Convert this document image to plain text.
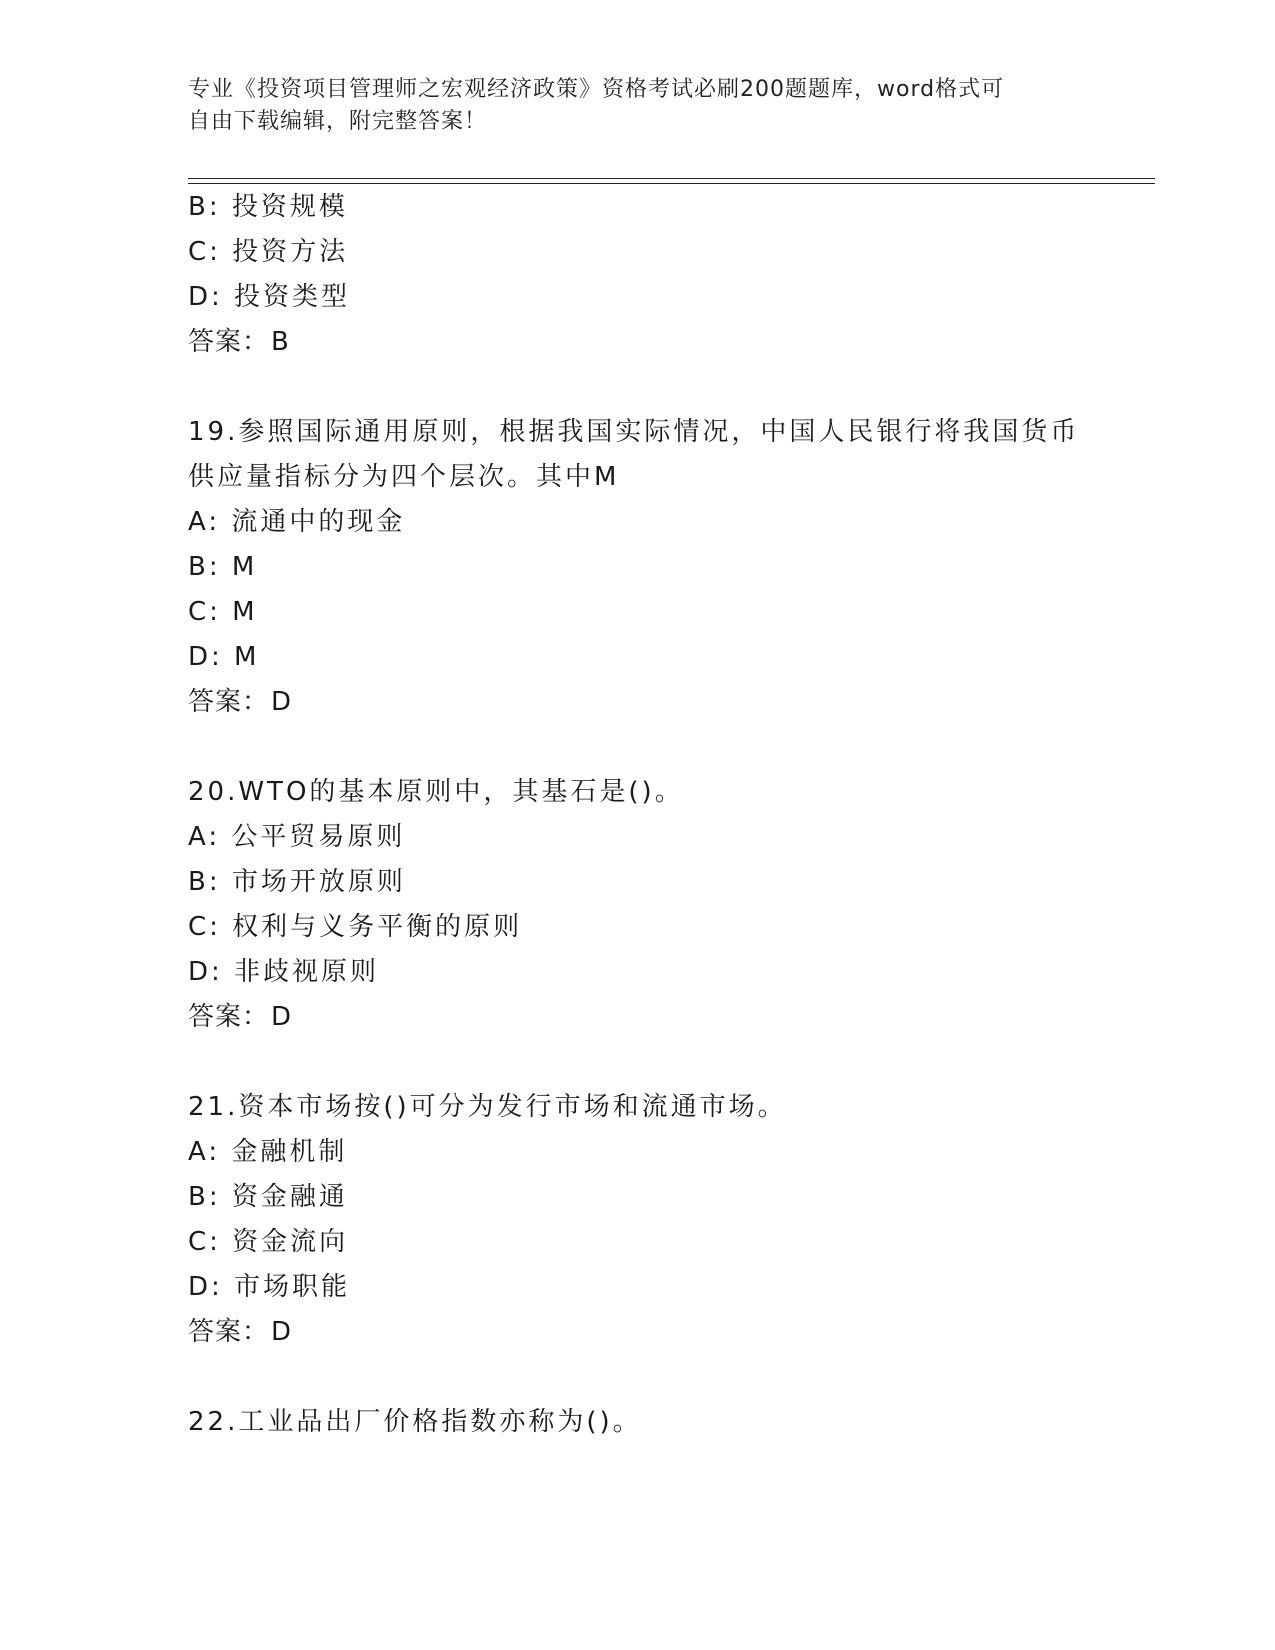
专业《投资项目管理师之宏观经济政策》资格考试必刷200题题库，word格式可
自由下载编辑，附完整答案！
B: 投资规模
C: 投资方法
D: 投资类型
答案：B
19.参照国际通用原则，根据我国实际情况，中国人民银行将我国货币
供应量指标分为四个层次。其中M
A: 流通中的现金
B: M
C: M
D: M
答案：D
20.WTO的基本原则中，其基石是()。
A: 公平贸易原则
B: 市场开放原则
C: 权利与义务平衡的原则
D: 非歧视原则
答案：D
21.资本市场按()可分为发行市场和流通市场。
A: 金融机制
B: 资金融通
C: 资金流向
D: 市场职能
答案：D
22.工业品出厂价格指数亦称为()。
